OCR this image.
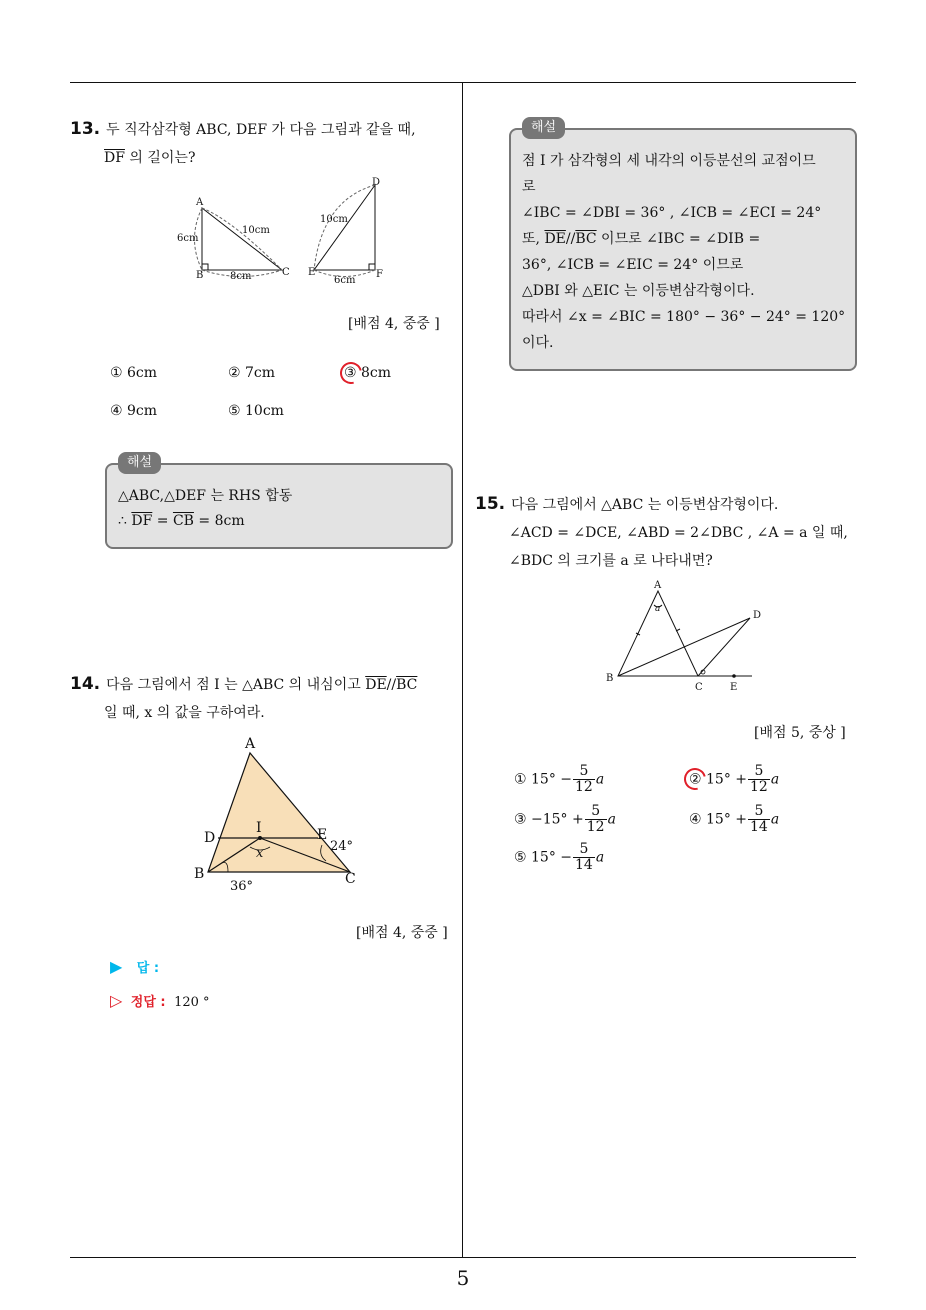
5
13. 두 직각삼각형 ABC, DEF 가 다음 그림과 같을 때,
$\overline{DF}$ 의 길이는?
A
B	C
6cm
10cm
8cm
D
E	F
10cm
6cm
[배점 4, 중중 ]
① 6cm	② 7cm	③ 8cm
④ 9cm	⑤ 10cm
해설
△ABC,△DEF 는 RHS 합동
∴ $\overline{DF} = \overline{CB} = 8cm$
14. 다음 그림에서 점 I 는 △ABC 의 내심이고 $\overline{DE}//\overline{BC}$
일 때, x 의 값을 구하여라.
A
B	C
D	E
I
x
36°
24°
[배점 4, 중중 ]
▶ 답 :
▷ 정답 : 120 °
해설
점 I 가 삼각형의 세 내각의 이등분선의 교점이므
로
∠IBC = ∠DBI = 36° , ∠ICB = ∠ECI = 24°
또, $\overline{DE}//\overline{BC}$ 이므로 ∠IBC = ∠DIB =
36°, ∠ICB = ∠EIC = 24° 이므로
△DBI 와 △EIC 는 이등변삼각형이다.
따라서 ∠x = ∠BIC = 180° − 36° − 24° = 120°
이다.
15. 다음 그림에서 △ABC 는 이등변삼각형이다.
∠ACD = ∠DCE, ∠ABD = 2∠DBC , ∠A = a 일 때,
∠BDC 의 크기를 a 로 나타내면?
A
B
C
D
E
a
[배점 5, 중상 ]
① $15^\circ - \frac{5}{12}$ a	② $15^\circ + \frac{5}{12}$ a
③ $-15^\circ + \frac{5}{12}$ a	④ $15^\circ + \frac{5}{14}$ a
⑤ $15^\circ - \frac{5}{14}$ a
